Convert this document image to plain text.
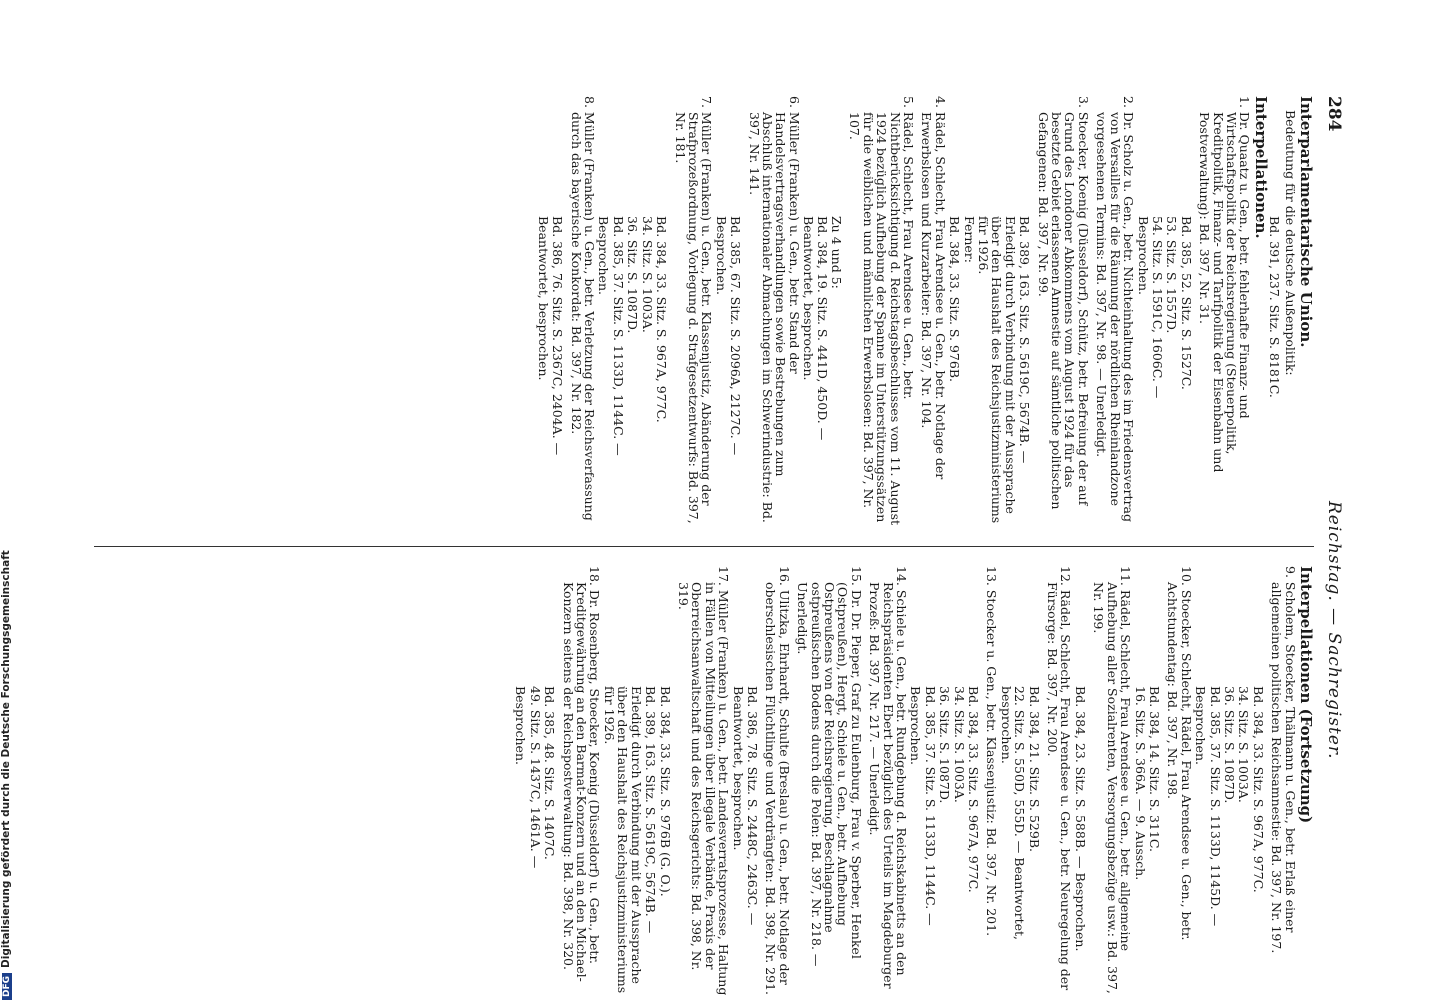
284
Reichstag. — Sachregister.
Interparlamentarische Union.
Bedeutung für die deutsche Außenpolitik:
Bd. 391, 237. Sitz. S. 8181C.
Interpellationen.
1. Dr. Quaatz u. Gen., betr. fehlerhafte Finanz- und Wirtschaftspolitik der Reichsregierung (Steuerpolitik, Kreditpolitik, Finanz- und Tarifpolitik der Eisenbahn und Postverwaltung): Bd. 397, Nr. 31.
Bd. 385, 52. Sitz. S. 1527C.
53. Sitz. S. 1557D.
54. Sitz. S. 1591C, 1606C. —
Besprochen.
2. Dr. Scholz u. Gen., betr. Nichteinhaltung des im Friedensvertrag von Versailles für die Räumung der nördlichen Rheinlandzone vorgesehenen Termins: Bd. 397, Nr. 98. — Unerledigt.
3. Stoecker, Koenig (Düsseldorf), Schütz, betr. Befreiung der auf Grund des Londoner Abkommens vom August 1924 für das besetzte Gebiet erlassenen Amnestie auf sämtliche politischen Gefangenen: Bd. 397, Nr. 99.
Bd. 389, 163. Sitz. S. 5619C, 5674B. —
Erledigt durch Verbindung mit der Aussprache über den Haushalt des Reichsjustizministeriums für 1926.
Ferner:
Bd. 384, 33. Sitz. S. 976B.
4. Rädel, Schlecht, Frau Arendsee u. Gen., betr. Notlage der Erwerbslosen und Kurzarbeiter: Bd. 397, Nr. 104.
5. Rädel, Schlecht, Frau Arendsee u. Gen., betr. Nichtberücksichtigung d. Reichstagsbeschlusses vom 11. August 1924 bezüglich Aufhebung der Spanne im Unterstützungssätzen für die weiblichen und männlichen Erwerbslosen: Bd. 397, Nr. 107.
Zu 4 und 5:
Bd. 384, 19. Sitz. S. 441D, 450D. — Beantwortet, besprochen.
6. Müller (Franken) u. Gen., betr. Stand der Handelsvertragsverhandlungen sowie Bestrebungen zum Abschluß internationaler Abmachungen im Schwerindustrie: Bd. 397, Nr. 141.
Bd. 385, 67. Sitz. S. 2096A, 2127C. —
Besprochen.
7. Müller (Franken) u. Gen., betr. Klassenjustiz, Abänderung der Strafprozeßordnung, Vorlegung d. Strafgesetzentwurfs: Bd. 397, Nr. 181.
Bd. 384, 33. Sitz. S. 967A, 977C.
34. Sitz. S. 1003A.
36. Sitz. S. 1087D.
Bd. 385, 37. Sitz. S. 1133D, 1144C. —
Besprochen.
8. Müller (Franken) u. Gen., betr. Verletzung der Reichsverfassung durch das bayerische Konkordat: Bd. 397, Nr. 182.
Bd. 386, 76. Sitz. S. 2367C, 2404A. —
Beantwortet, besprochen.
Interpellationen (Fortsetzung)
9. Scholem, Stoecker, Thälmann u. Gen., betr. Erlaß einer allgemeinen politischen Reichsamnestie: Bd. 397, Nr. 197.
Bd. 384, 33. Sitz. S. 967A, 977C.
34. Sitz. S. 1003A.
36. Sitz. S. 1087D.
Bd. 385, 37. Sitz. S. 1133D, 1145D. —
Besprochen.
10. Stoecker, Schlecht, Rädel, Frau Arendsee u. Gen., betr. Achtstundentag: Bd. 397, Nr. 198.
Bd. 384, 14. Sitz. S. 311C.
16. Sitz. S. 366A. — 9. Aussch.
11. Rädel, Schlecht, Frau Arendsee u. Gen., betr. allgemeine Aufhebung aller Sozialrenten, Versorgungsbezüge usw.: Bd. 397, Nr. 199.
Bd. 384, 23. Sitz. S. 588B. — Besprochen.
12. Rädel, Schlecht, Frau Arendsee u. Gen., betr. Neuregelung der Fürsorge: Bd. 397, Nr. 200.
Bd. 384, 21. Sitz. S. 529B.
22. Sitz. S. 550D, 555D. — Beantwortet, besprochen.
13. Stoecker u. Gen., betr. Klassenjustiz: Bd. 397, Nr. 201.
Bd. 384, 33. Sitz. S. 967A, 977C.
34. Sitz. S. 1003A.
36. Sitz. S. 1087D.
Bd. 385, 37. Sitz. S. 1133D, 1144C. —
Besprochen.
14. Schiele u. Gen., betr. Rundgebung d. Reichskabinetts an den Reichspräsidenten Ebert bezüglich des Urteils im Magdeburger Prozeß: Bd. 397, Nr. 217. — Unerledigt.
15. Dr. Dr. Pieper, Graf zu Eulenburg, Frau v. Sperber, Henkel (Ostpreußen), Hergt, Schiele u. Gen., betr. Aufhebung Ostpreußens von der Reichsregierung, Beschlagnahme ostpreußischen Bodens durch die Polen: Bd. 397, Nr. 218. — Unerledigt.
16. Ulitzka, Ehrhardt, Schulte (Breslau) u. Gen., betr. Notlage der oberschlesischen Flüchtlinge und Verdrängten: Bd. 398, Nr. 291.
Bd. 386, 78. Sitz. S. 2448C, 2463C. —
Beantwortet, besprochen.
17. Müller (Franken) u. Gen., betr. Landesverratsprozesse, Haltung in Fällen von Mitteilungen über illegale Verbände, Praxis der Oberreichsanwaltschaft und des Reichsgerichts: Bd. 398, Nr. 319.
Bd. 384, 33. Sitz. S. 976B (G. O.).
Bd. 389, 163. Sitz. S. 5619C, 5674B. —
Erledigt durch Verbindung mit der Aussprache über den Haushalt des Reichsjustizministeriums für 1926.
18. Dr. Rosenberg, Stoecker, Koenig (Düsseldorf) u. Gen., betr. Kreditgewährung an den Barmat-Konzern und an den Michael-Konzern seitens der Reichspostverwaltung: Bd. 398, Nr. 320.
Bd. 385, 48. Sitz. S. 1407C.
49. Sitz. S. 1437C, 1461A. —
Besprochen.
DFGDigitalisierung gefördert durch die Deutsche Forschungsgemeinschaft
